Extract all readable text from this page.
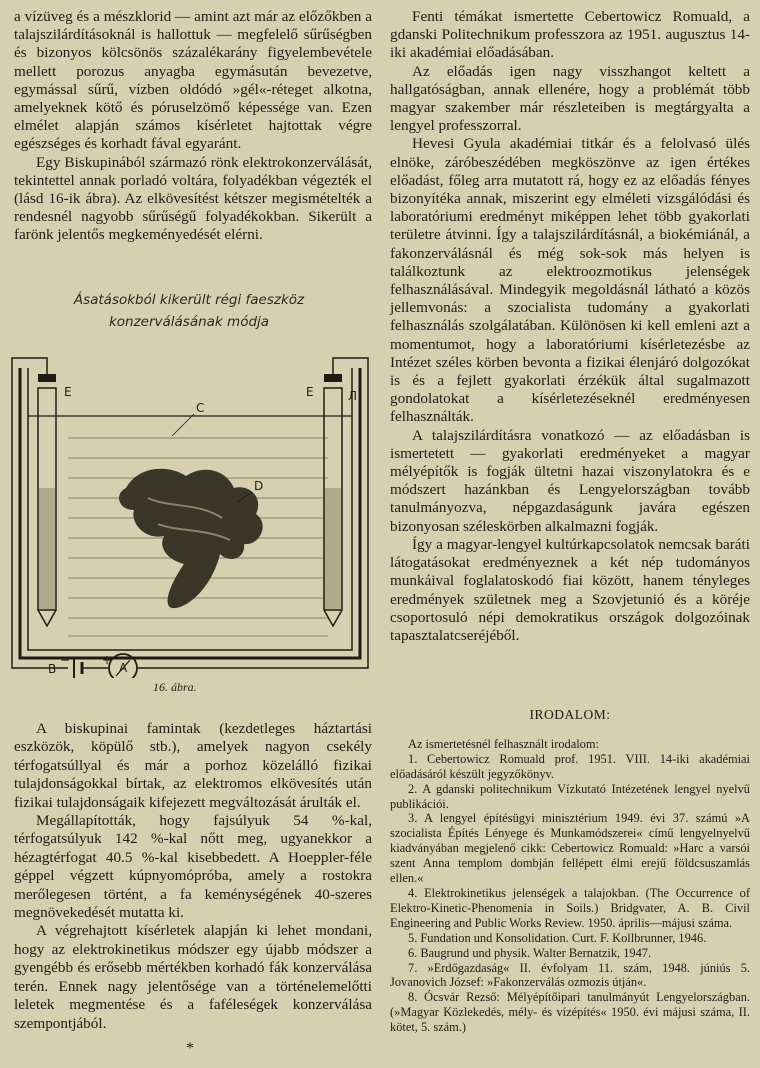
a vízüveg és a mészklorid — amint azt már az előzőkben a talajszilárdításoknál is hallottuk — megfelelő sűrűségben és bizonyos kölcsönös százalékarány figyelembevétele mellett porozus anyagba egymásután bevezetve, egymással sűrű, vízben oldódó »gél«-réteget alkotna, amelyeknek kötő és póruselzömő képessége van. Ezen elmélet alapján számos kísérletet hajtottak végre egészséges és korhadt fával egyaránt.

Egy Biskupinából származó rönk elektrokonzerválását, tekintettel annak porladó voltára, folyadékban végezték el (lásd 16-ik ábra). Az elkövesítést kétszer megismételték a rendesnél nagyobb sűrűségű folyadékokban. Sikerült a farönk jelentős megkeményedését elérni.

Ásatásokból kikerült régi faeszköz
konzerválásának módja
C
E	E	Л
D
B
−	+
A
16. ábra.

A biskupinai famintak (kezdetleges háztartási eszközök, köpülő stb.), amelyek nagyon csekély térfogatsúllyal és már a porhoz közelálló fizikai tulajdonságokkal bírtak, az elektromos elkövesítés után fizikai tulajdonságaik kifejezett megváltozását árulták el.

Megállapították, hogy fajsúlyuk 54 %-kal, térfogatsúlyuk 142 %-kal nőtt meg, ugyanekkor a hézagtérfogat 40.5 %-kal kisebbedett. A Hoeppler-féle géppel végzett kúpnyomópróba, amely a rostokra merőlegesen történt, a fa keménységének 40-szeres megnövekedését mutatta ki.

A végrehajtott kísérletek alapján ki lehet mondani, hogy az elektrokinetikus módszer egy újabb módszer a gyengébb és erősebb mértékben korhadó fák konzerválása terén. Ennek nagy jelentősége van a történelemelőtti leletek megmentése és a faféleségek konzerválása szempontjából.

*

Fenti témákat ismertette Cebertowicz Romuald, a gdanski Politechnikum professzora az 1951. augusztus 14-iki akadémiai előadásában.

Az előadás igen nagy visszhangot keltett a hallgatóságban, annak ellenére, hogy a problémát több magyar szakember már részleteiben is megtárgyalta a lengyel professzorral.

Hevesi Gyula akadémiai titkár és a felolvasó ülés elnöke, záróbeszédében megköszönve az igen értékes előadást, főleg arra mutatott rá, hogy ez az előadás fényes bizonyítéka annak, miszerint egy elméleti vizsgálódási és laboratóriumi eredményt miképpen lehet több gyakorlati területre átvinni. Így a talajszilárdításnál, a biokémiánál, a fakonzerválásnál és még sok-sok más helyen is találkoztunk az elektroozmotikus jelenségek felhasználásával. Mindegyik megoldásnál látható a közös jellemvonás: a szocialista tudomány a gyakorlati felhasználás szolgálatában. Különösen ki kell emleni azt a momentumot, hogy a laboratóriumi kísérletezésbe az Intézet széles körben bevonta a fizikai élenjáró dolgozókat is és a fejlett gyakorlati érzékük által sugalmazott gondolatokat a kísérletezéseknél eredményesen felhasználták.

A talajszilárdításra vonatkozó — az előadásban is ismertetett — gyakorlati eredményeket a magyar mélyépítők is fogják ültetni hazai viszonylatokra és e módszert hazánkban és Lengyelországban tovább tanulmányozva, népgazdaságunk javára egészen bizonyosan széleskörben alkalmazni fogják.

Így a magyar-lengyel kultúrkapcsolatok nemcsak baráti látogatásokat eredményeznek a két nép tudományos munkáival foglalatoskodó fiai között, hanem tényleges eredmények születnek meg a Szovjetunió és a köréje csoportosuló népi demokratikus országok dolgozóinak tapasztalatcseréjéből.

IRODALOM:

Az ismertetésnél felhasznált irodalom:

1. Cebertowicz Romuald prof. 1951. VIII. 14-iki akadémiai előadásáról készült jegyzőkönyv.

2. A gdanski politechnikum Vízkutató Intézetének lengyel nyelvű publikációi.

3. A lengyel építésügyi minisztérium 1949. évi 37. számú »A szocialista Építés Lényege és Munkamódszerei« című lengyelnyelvű kiadványában megjelenő cikk: Cebertowicz Romuald: »Harc a varsói szent Anna templom dombján fellépett élmi erejű földcsuszamlás ellen.«

4. Elektrokinetikus jelenségek a talajokban. (The Occurrence of Elektro-Kinetic-Phenomenia in Soils.) Bridgvater, A. B. Civil Engineering and Public Works Review. 1950. április—májusi száma.

5. Fundation und Konsolidation. Curt. F. Kollbrunner, 1946.

6. Baugrund und physik. Walter Bernatzik, 1947.

7. »Erdőgazdaság« II. évfolyam 11. szám, 1948. júniús 5. Jovanovich József: »Fakonzerválás ozmozis útján«.

8. Ócsvár Rezső: Mélyépítőipari tanulmányút Lengyelországban. (»Magyar Közlekedés, mély- és vízépítés« 1950. évi májusi száma, II. kötet, 5. szám.)
